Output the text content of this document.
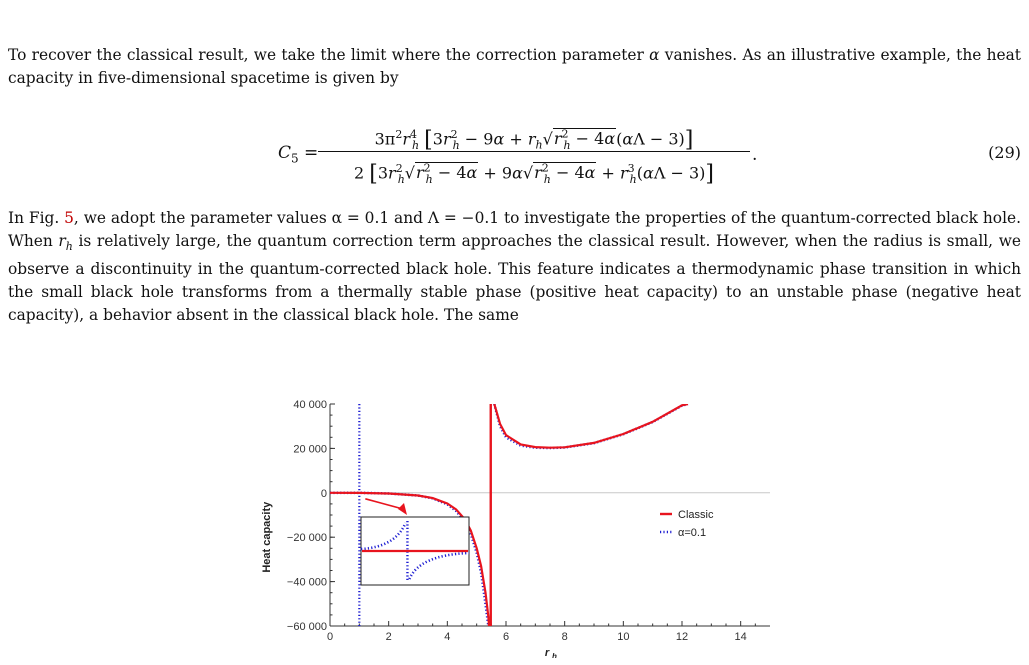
To recover the classical result, we take the limit where the correction parameter α vanishes. As an illustrative example, the heat capacity in five-dimensional spacetime is given by

$C_5$ =
$3\pi^2r^4_h$ $[3r^2_h - 9\alpha + r_h√r^2_h - 4\alpha(\alpha\Lambda - 3)]$
2 $[3r^2_h√r^2_h - 4\alpha + 9\alpha√r^2_h - 4\alpha + r^3_h(\alpha\Lambda - 3)]$
.	(29)

In Fig. 5, we adopt the parameter values α = 0.1 and Λ = −0.1 to investigate the properties of the quantum-corrected black hole. When $r_h$ is relatively large, the quantum correction term approaches the classical result. However, when the radius is small, we observe a discontinuity in the quantum-corrected black hole. This feature indicates a thermodynamic phase transition in which the small black hole transforms from a thermally stable phase (positive heat capacity) to an unstable phase (negative heat capacity), a behavior absent in the classical black hole. The same

0	2	4	6	8	10	12	14
40 000
20 000
0
−20 000
−40 000
−60 000
r h
Heat capacity	Classic
α=0.1
